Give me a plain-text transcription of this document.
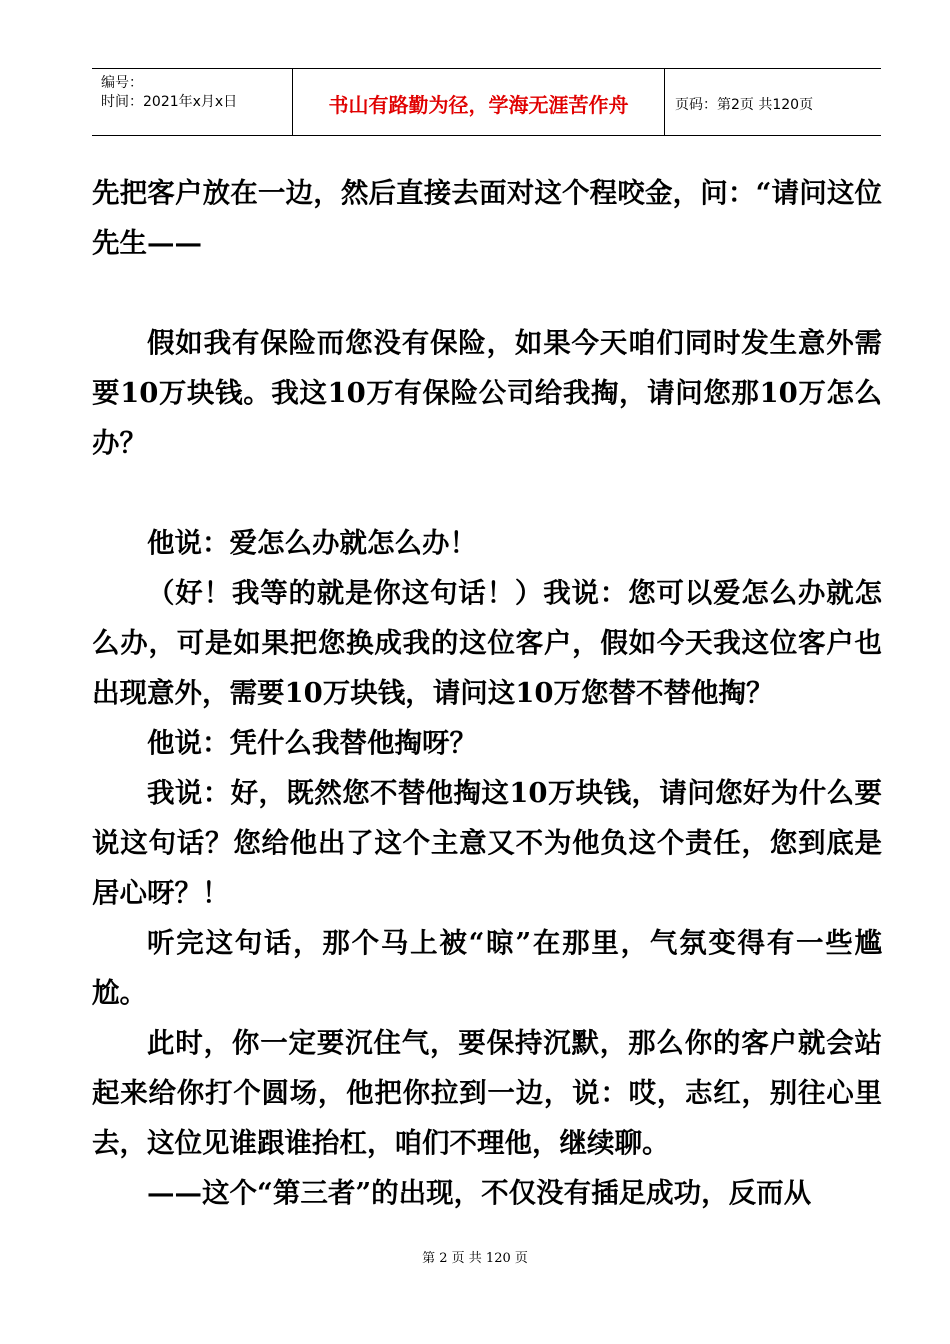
编号：
时间：2021年x月x日	书山有路勤为径，学海无涯苦作舟	页码：第2页 共120页

先把客户放在一边，然后直接去面对这个程咬金，问：“请问这位先生——

假如我有保险而您没有保险，如果今天咱们同时发生意外需要10万块钱。我这10万有保险公司给我掏，请问您那10万怎么办？

他说：爱怎么办就怎么办！

（好！我等的就是你这句话！）我说：您可以爱怎么办就怎么办，可是如果把您换成我的这位客户，假如今天我这位客户也出现意外，需要10万块钱，请问这10万您替不替他掏？

他说：凭什么我替他掏呀？

我说：好，既然您不替他掏这10万块钱，请问您好为什么要说这句话？您给他出了这个主意又不为他负这个责任，您到底是居心呀？！

听完这句话，那个马上被“晾”在那里，气氛变得有一些尴尬。

此时，你一定要沉住气，要保持沉默，那么你的客户就会站起来给你打个圆场，他把你拉到一边，说：哎，志红，别往心里去，这位见谁跟谁抬杠，咱们不理他，继续聊。

——这个“第三者”的出现，不仅没有插足成功，反而从

第 2 页 共 120 页
